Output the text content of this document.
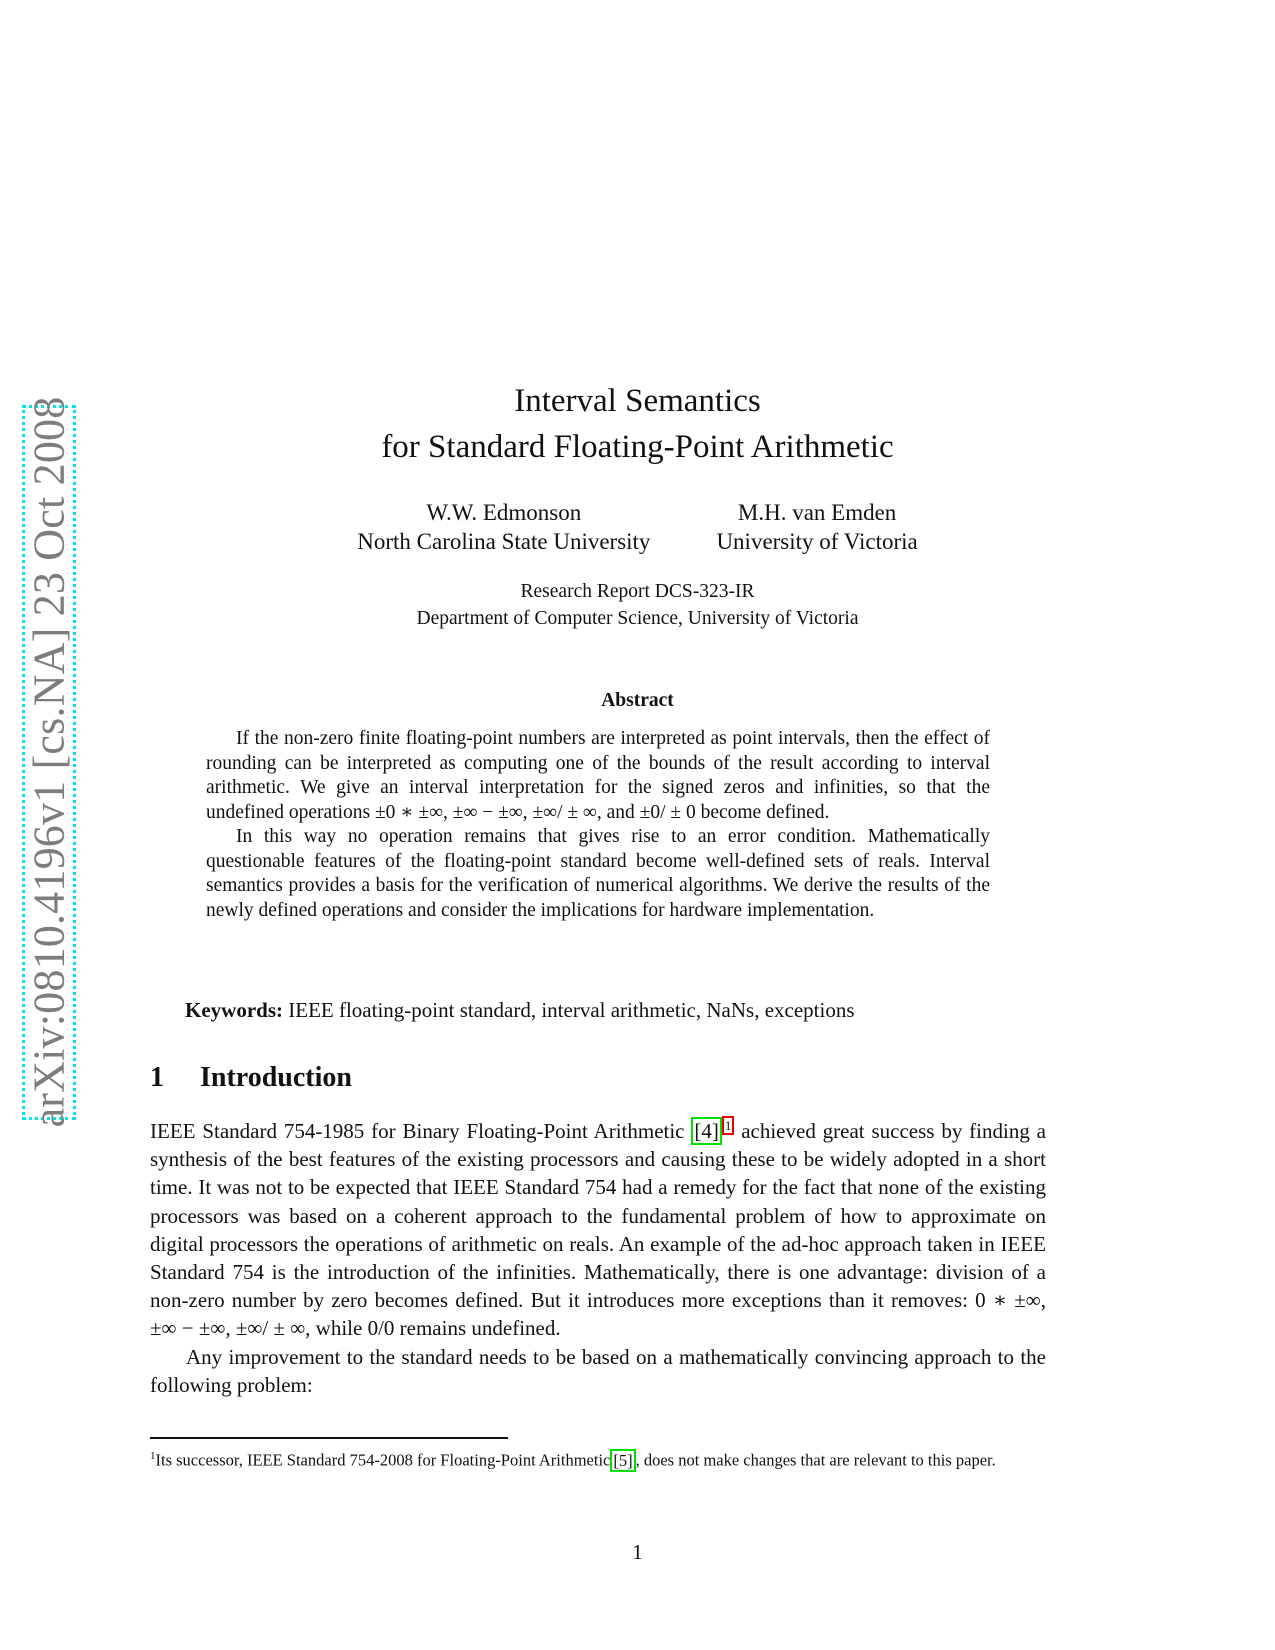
arXiv:0810.4196v1 [cs.NA] 23 Oct 2008	Interval Semantics
for Standard Floating-Point Arithmetic
W.W. Edmonson
North Carolina State University
M.H. van Emden
University of Victoria
Research Report DCS-323-IR
Department of Computer Science, University of Victoria
Abstract

If the non-zero finite floating-point numbers are interpreted as point intervals, then the effect of rounding can be interpreted as computing one of the bounds of the result according to interval arithmetic. We give an interval interpretation for the signed zeros and infinities, so that the undefined operations ±0 ∗ ±∞, ±∞ − ±∞, ±∞/ ± ∞, and ±0/ ± 0 become defined.

In this way no operation remains that gives rise to an error condition. Mathematically questionable features of the floating-point standard become well-defined sets of reals. Interval semantics provides a basis for the verification of numerical algorithms. We derive the results of the newly defined operations and consider the implications for hardware implementation.

Keywords: IEEE floating-point standard, interval arithmetic, NaNs, exceptions
1 Introduction

IEEE Standard 754-1985 for Binary Floating-Point Arithmetic [4] $^1$ achieved great success by finding a synthesis of the best features of the existing processors and causing these to be widely adopted in a short time. It was not to be expected that IEEE Standard 754 had a remedy for the fact that none of the existing processors was based on a coherent approach to the fundamental problem of how to approximate on digital processors the operations of arithmetic on reals. An example of the ad-hoc approach taken in IEEE Standard 754 is the introduction of the infinities. Mathematically, there is one advantage: division of a non-zero number by zero becomes defined. But it introduces more exceptions than it removes: 0 ∗ ±∞, ±∞ − ±∞, ±∞/ ± ∞, while 0/0 remains undefined.

Any improvement to the standard needs to be based on a mathematically convincing approach to the following problem:

$^1$Its successor, IEEE Standard 754-2008 for Floating-Point Arithmetic [5] , does not make changes that are relevant to this paper.
1
